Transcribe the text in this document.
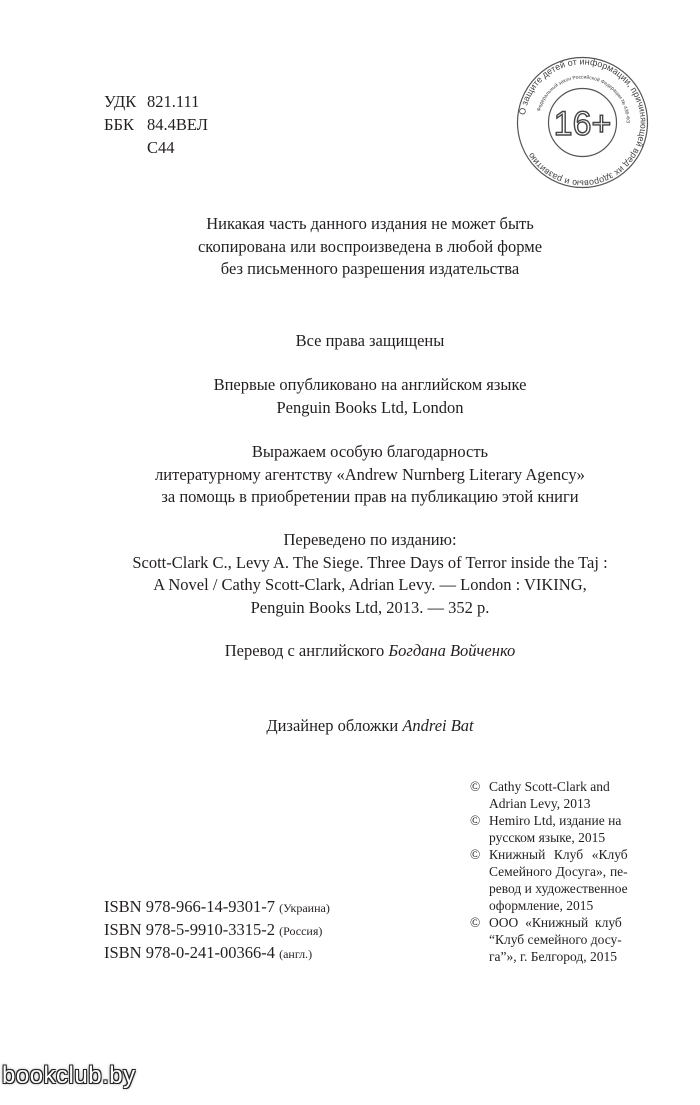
УДК 821.111
ББК 84.4ВЕЛ
С44
О защите детей от информации, причиняющей вред их здоровью и развитию
Федеральный закон Российской Федерации № 436-ФЗ
16+
Никакая часть данного издания не может быть
скопирована или воспроизведена в любой форме
без письменного разрешения издательства
Все права защищены
Впервые опубликовано на английском языке
Penguin Books Ltd, London
Выражаем особую благодарность
литературному агентству «Andrew Nurnberg Literary Agency»
за помощь в приобретении прав на публикацию этой книги
Переведено по изданию:
Scott-Clark C., Levy A. The Siege. Three Days of Terror inside the Taj :
A Novel / Cathy Scott-Clark, Adrian Levy. — London : VIKING,
Penguin Books Ltd, 2013. — 352 p.
Перевод с английского Богдана Войченко
Дизайнер обложки Andrei Bat
© Cathy Scott-Clark and
Adrian Levy, 2013
© Hemiro Ltd, издание на
русском языке, 2015
© Книжный Клуб «Клуб
Семейного Досуга», пе-
ревод и художественное
оформление, 2015
© ООО «Книжный клуб
“Клуб семейного досу-
га”», г. Белгород, 2015
ISBN 978-966-14-9301-7 (Украина)
ISBN 978-5-9910-3315-2 (Россия)
ISBN 978-0-241-00366-4 (англ.)
bookclub.by
